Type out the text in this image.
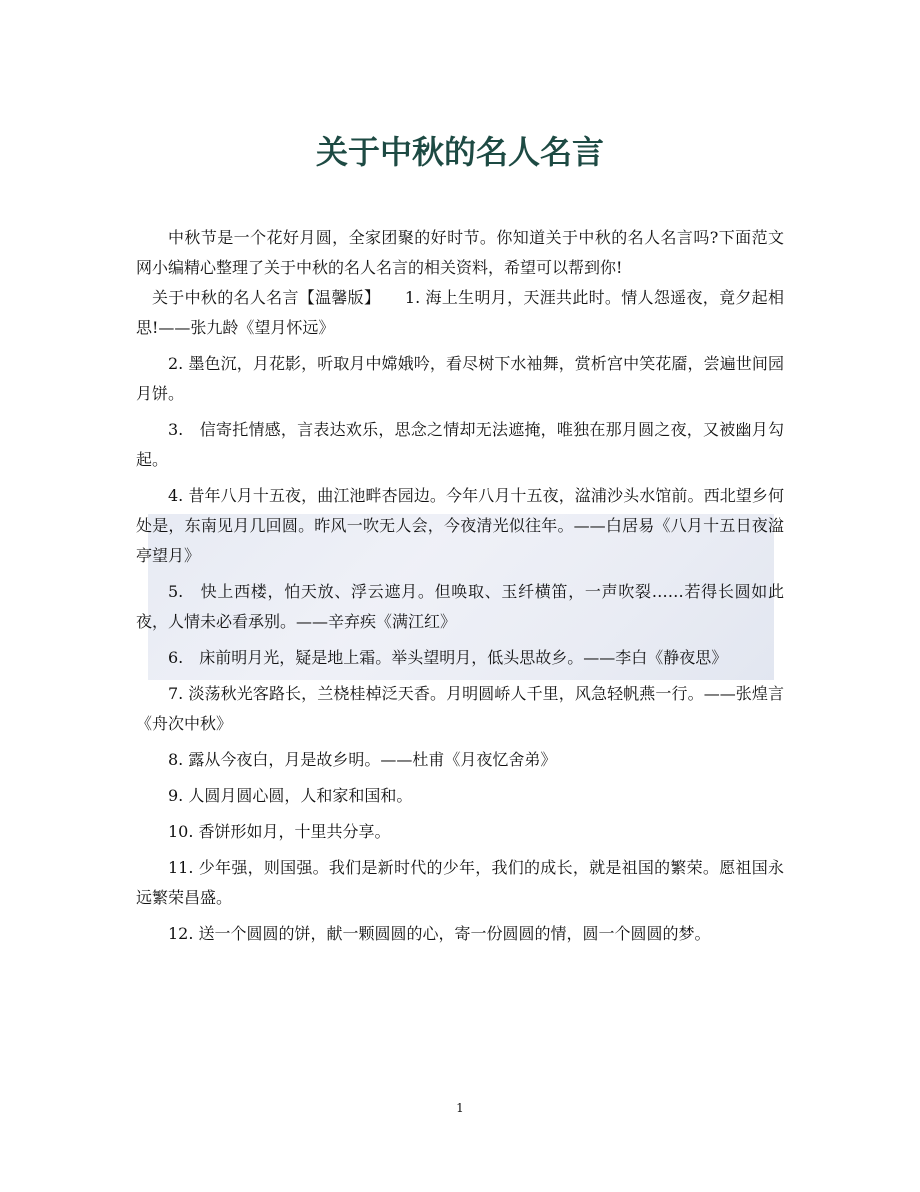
关于中秋的名人名言

中秋节是一个花好月圆，全家团聚的好时节。你知道关于中秋的名人名言吗?下面范文网小编精心整理了关于中秋的名人名言的相关资料，希望可以帮到你!

关于中秋的名人名言【温馨版】　　1. 海上生明月，天涯共此时。情人怨遥夜，竟夕起相思!——张九龄《望月怀远》

2. 墨色沉，月花影，听取月中嫦娥吟，看尽树下水袖舞，赏析宫中笑花靥，尝遍世间园月饼。

3.　信寄托情感，言表达欢乐，思念之情却无法遮掩，唯独在那月圆之夜，又被幽月勾起。

4. 昔年八月十五夜，曲江池畔杏园边。今年八月十五夜，湓浦沙头水馆前。西北望乡何处是，东南见月几回圆。昨风一吹无人会，今夜清光似往年。——白居易《八月十五日夜湓亭望月》

5.　快上西楼，怕天放、浮云遮月。但唤取、玉纤横笛，一声吹裂……若得长圆如此夜，人情未必看承别。——辛弃疾《满江红》

6.　床前明月光，疑是地上霜。举头望明月，低头思故乡。——李白《静夜思》

7. 淡荡秋光客路长，兰桡桂棹泛天香。月明圆峤人千里，风急轻帆燕一行。——张煌言《舟次中秋》

8. 露从今夜白，月是故乡明。——杜甫《月夜忆舍弟》

9. 人圆月圆心圆，人和家和国和。

10. 香饼形如月，十里共分享。

11. 少年强，则国强。我们是新时代的少年，我们的成长，就是祖国的繁荣。愿祖国永远繁荣昌盛。

12. 送一个圆圆的饼，献一颗圆圆的心，寄一份圆圆的情，圆一个圆圆的梦。

1
